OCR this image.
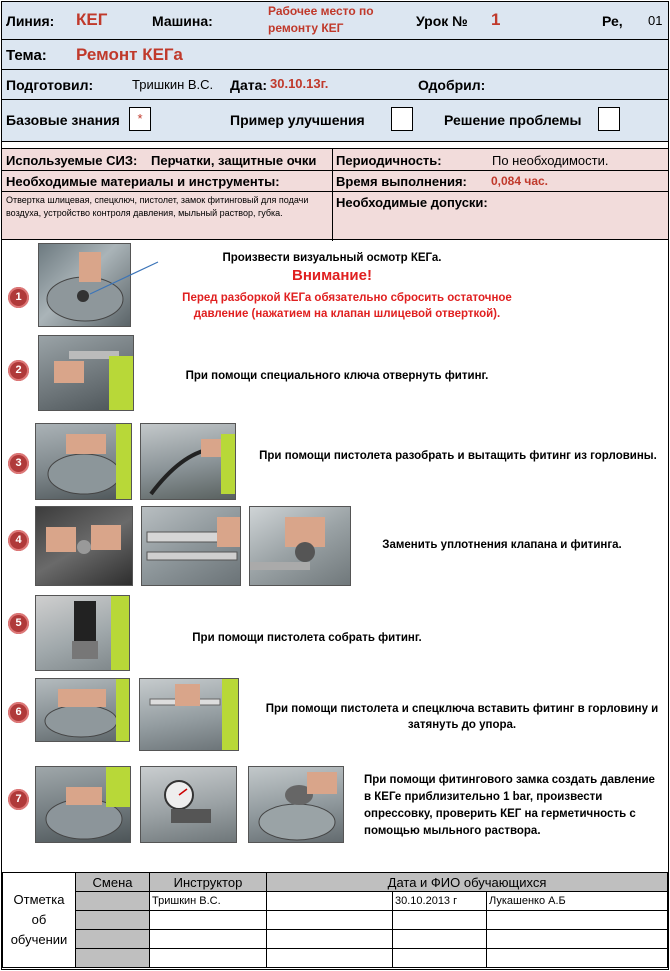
Линия: КЕГ	Машина:
Рабочее место по ремонту КЕГ	Урок № 1	Ре, 01
Тема: Ремонт КЕГа
Подготовил:	Тришкин В.С. Дата: 30.10.13г.	Одобрил:
Базовые знания	*	Пример улучшения	Решение проблемы
Используемые СИЗ: Перчатки, защитные очки Периодичность:	По необходимости.
Необходимые материалы и инструменты:	Время выполнения: 0,084 час.
Отвертка шлицевая, спецключ, пистолет, замок фитинговый для подачи воздуха, устройство контроля давления, мыльный раствор, губка.
Необходимые допуски:
1
Произвести визуальный осмотр КЕГа.
Внимание!
Перед разборкой КЕГа обязательно сбросить остаточное давление (нажатием на клапан шлицевой отверткой).
2	При помощи специального ключа отвернуть фитинг.
3
При помощи пистолета разобрать и вытащить фитинг из горловины.
4	Заменить уплотнения клапана и фитинга.
5
При помощи пистолета собрать фитинг.
6	При помощи пистолета и спецключа вставить фитинг в горловину и затянуть до упора.
7
При помощи фитингового замка создать давление в КЕГе приблизительно 1 bar, произвести опрессовку, проверить КЕГ на герметичность с помощью мыльного раствора.
Отметка об обучении	Смена	Инструктор	Дата и ФИО обучающихся		
		Тришкин В.С.		30.10.2013 г	Лукашенко А.Б
